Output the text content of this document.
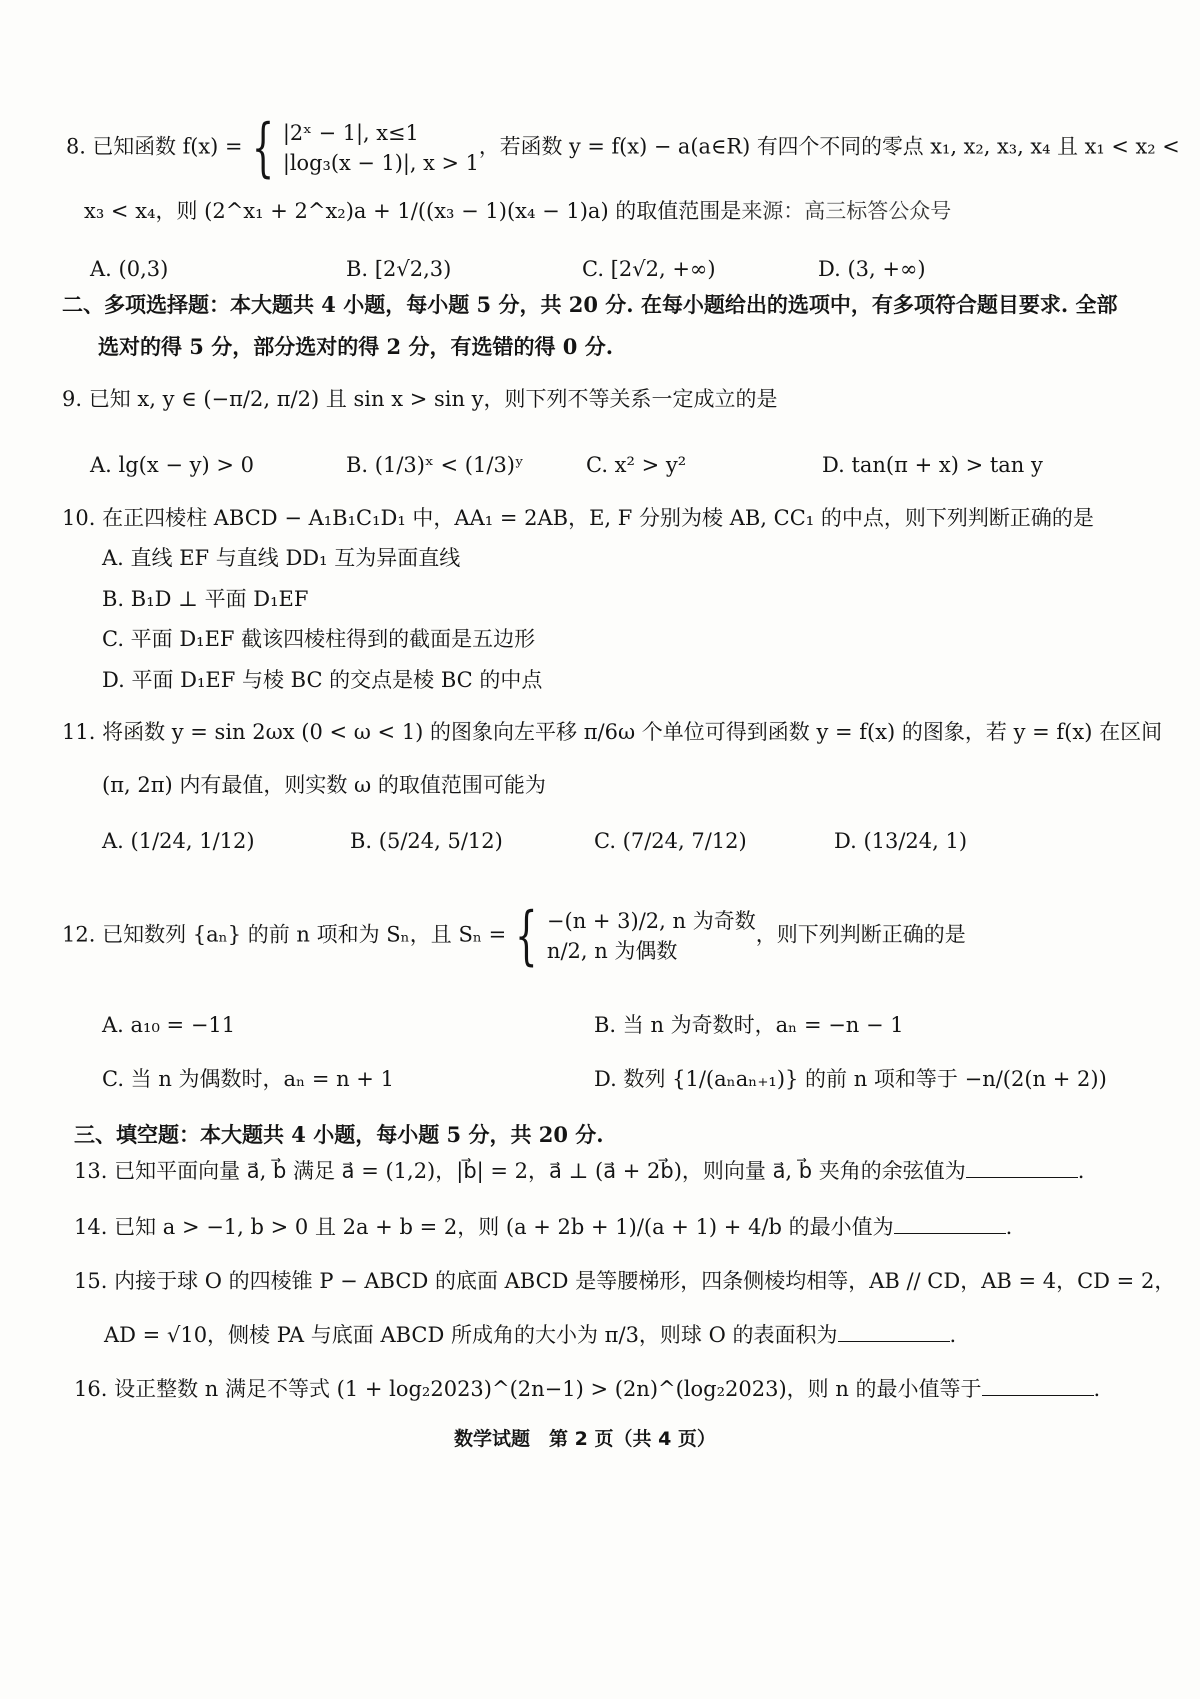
8. 已知函数 f(x) = { |2ˣ − 1|, x≤1
|log₃(x − 1)|, x > 1
，若函数 y = f(x) − a(a∈R) 有四个不同的零点 x₁, x₂, x₃, x₄ 且 x₁ < x₂ <
x₃ < x₄，则 (2^x₁ + 2^x₂)a + 1/((x₃ − 1)(x₄ − 1)a) 的取值范围是来源：高三标答公众号
A. (0,3)	B. [2√2,3)	C. [2√2, +∞)	D. (3, +∞)
二、多项选择题：本大题共 4 小题，每小题 5 分，共 20 分. 在每小题给出的选项中，有多项符合题目要求. 全部
选对的得 5 分，部分选对的得 2 分，有选错的得 0 分.
9. 已知 x, y ∈ (−π/2, π/2) 且 sin x > sin y，则下列不等关系一定成立的是
A. lg(x − y) > 0	B. (1/3)ˣ < (1/3)ʸ	C. x² > y²	D. tan(π + x) > tan y
10. 在正四棱柱 ABCD − A₁B₁C₁D₁ 中，AA₁ = 2AB，E, F 分别为棱 AB, CC₁ 的中点，则下列判断正确的是
A. 直线 EF 与直线 DD₁ 互为异面直线
B. B₁D ⊥ 平面 D₁EF
C. 平面 D₁EF 截该四棱柱得到的截面是五边形
D. 平面 D₁EF 与棱 BC 的交点是棱 BC 的中点
11. 将函数 y = sin 2ωx (0 < ω < 1) 的图象向左平移 π/6ω 个单位可得到函数 y = f(x) 的图象，若 y = f(x) 在区间
(π, 2π) 内有最值，则实数 ω 的取值范围可能为
A. (1/24, 1/12)	B. (5/24, 5/12)	C. (7/24, 7/12)	D. (13/24, 1)
12. 已知数列 {aₙ} 的前 n 项和为 Sₙ，且 Sₙ = { −(n + 3)/2, n 为奇数
n/2, n 为偶数
，则下列判断正确的是
A. a₁₀ = −11	B. 当 n 为奇数时，aₙ = −n − 1
C. 当 n 为偶数时，aₙ = n + 1	D. 数列 {1/(aₙaₙ₊₁)} 的前 n 项和等于 −n/(2(n + 2))
三、填空题：本大题共 4 小题，每小题 5 分，共 20 分.
13. 已知平面向量 a⃗, b⃗ 满足 a⃗ = (1,2)，|b⃗| = 2，a⃗ ⊥ (a⃗ + 2b⃗)，则向量 a⃗, b⃗ 夹角的余弦值为	.
14. 已知 a > −1, b > 0 且 2a + b = 2，则 (a + 2b + 1)/(a + 1) + 4/b 的最小值为	.
15. 内接于球 O 的四棱锥 P − ABCD 的底面 ABCD 是等腰梯形，四条侧棱均相等，AB // CD，AB = 4，CD = 2，
AD = √10，侧棱 PA 与底面 ABCD 所成角的大小为 π/3，则球 O 的表面积为	.
16. 设正整数 n 满足不等式 (1 + log₂2023)^(2n−1) > (2n)^(log₂2023)，则 n 的最小值等于	.
数学试题　第 2 页（共 4 页）
